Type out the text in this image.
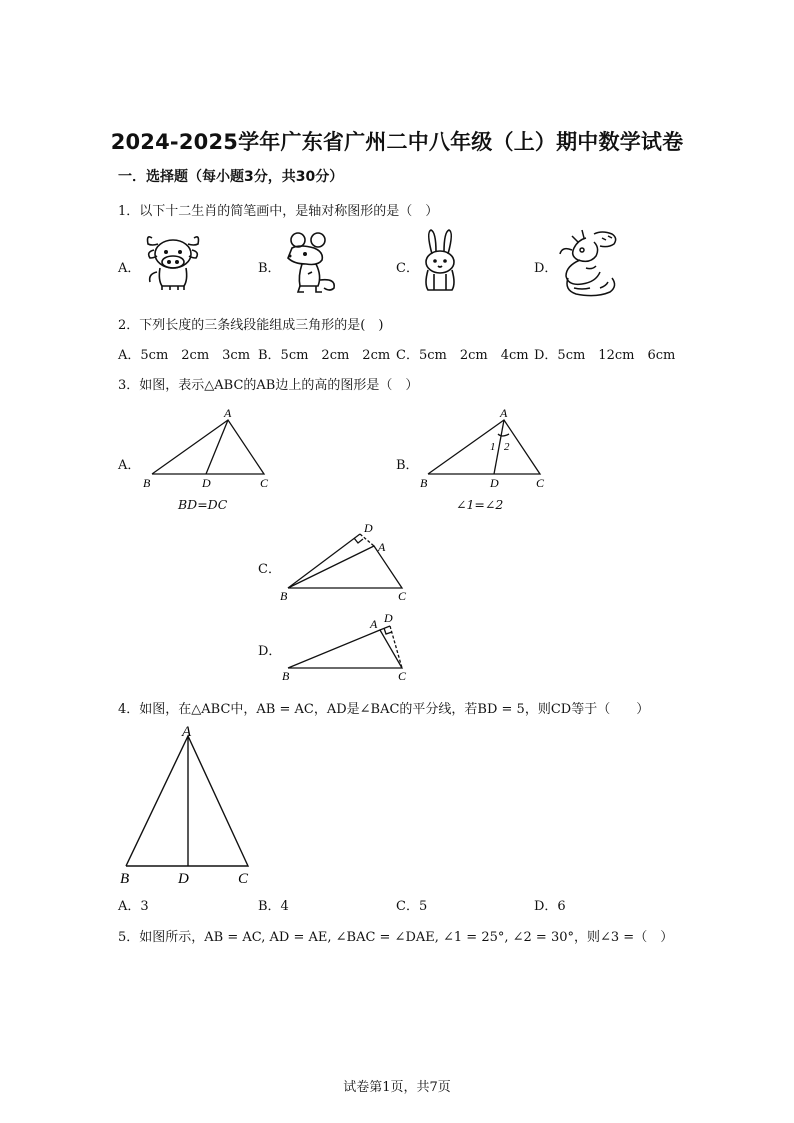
2024-2025学年广东省广州二中八年级（上）期中数学试卷
一．选择题（每小题3分，共30分）
1．以下十二生肖的简笔画中，是轴对称图形的是（　）
A．	B．	C．	D．
2．下列长度的三条线段能组成三角形的是(　)
A．5cm　2cm　3cm B．5cm　2cm　2cm C．5cm　2cm　4cm D．5cm　12cm　6cm
3．如图，表示△ABC的AB边上的高的图形是（　）
A．
A
B	D	C
BD=DC
B．
A
B	D	C
1 2
∠1=∠2
C．
D
A
B	C
D．
D
A
B	C
4．如图，在△ABC中，AB = AC，AD是∠BAC的平分线，若BD = 5，则CD等于（　　）
A
B	D	C
A．3	B．4	C．5	D．6
5．如图所示，AB = AC, AD = AE, ∠BAC = ∠DAE, ∠1 = 25°, ∠2 = 30°，则∠3 =（　）
试卷第1页，共7页
